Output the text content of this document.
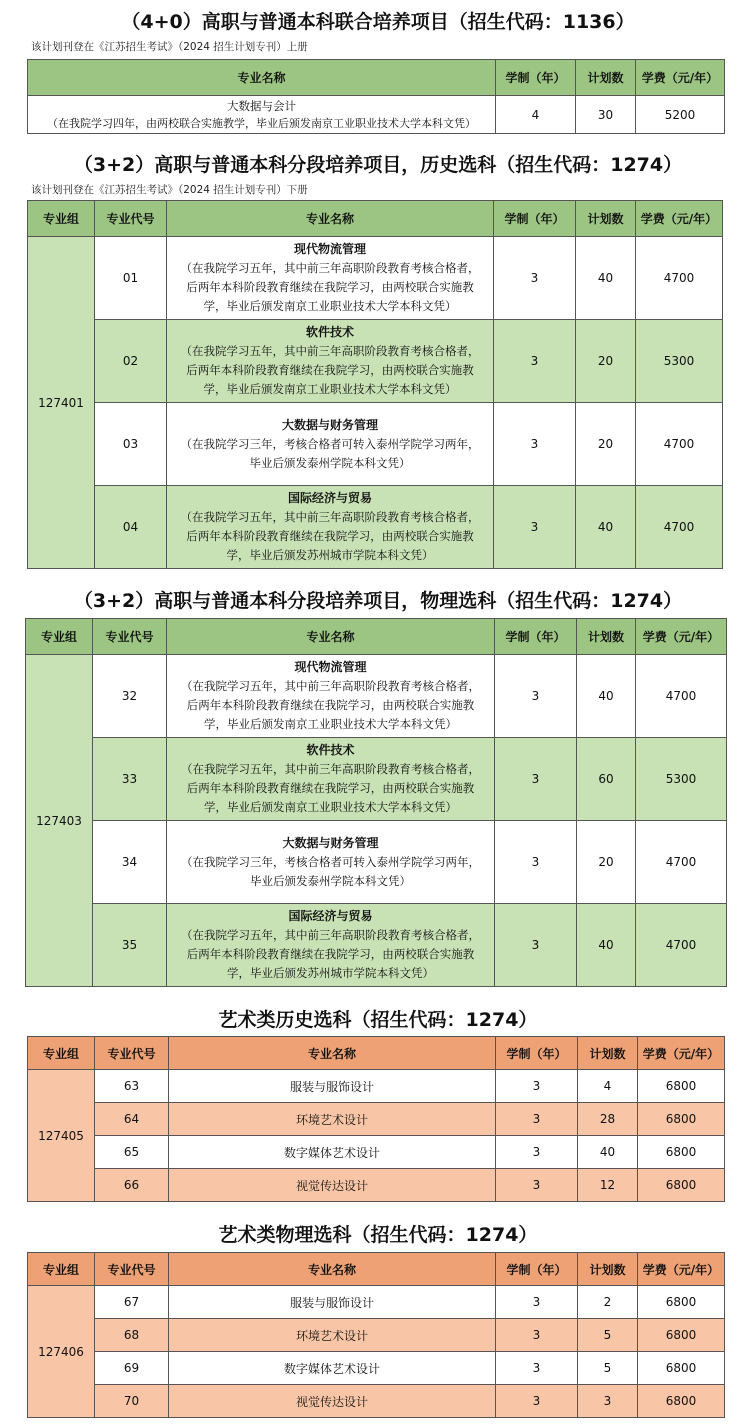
（4+0）高职与普通本科联合培养项目（招生代码：1136）
该计划刊登在《江苏招生考试》（2024 招生计划专刊）上册
专业名称	学制（年）	计划数	学费（元/年）

大数据与会计
（在我院学习四年，由两校联合实施教学，毕业后颁发南京工业职业技术大学本科文凭）	4	30	5200
（3+2）高职与普通本科分段培养项目，历史选科（招生代码：1274）
该计划刊登在《江苏招生考试》（2024 招生计划专刊）下册
专业组	专业代号	专业名称	学制（年）	计划数	学费（元/年）
127401	01	现代物流管理
（在我院学习五年，其中前三年高职阶段教育考核合格者，
后两年本科阶段教育继续在我院学习，由两校联合实施教
学，毕业后颁发南京工业职业技术大学本科文凭）	3	40	4700
	02	软件技术
（在我院学习五年，其中前三年高职阶段教育考核合格者，
后两年本科阶段教育继续在我院学习，由两校联合实施教
学，毕业后颁发南京工业职业技术大学本科文凭）	3	20	5300
	03	大数据与财务管理
（在我院学习三年，考核合格者可转入泰州学院学习两年，
毕业后颁发泰州学院本科文凭）	3	20	4700
	04	国际经济与贸易
（在我院学习五年，其中前三年高职阶段教育考核合格者，
后两年本科阶段教育继续在我院学习，由两校联合实施教
学，毕业后颁发苏州城市学院本科文凭）	3	40	4700
（3+2）高职与普通本科分段培养项目，物理选科（招生代码：1274）
专业组	专业代号	专业名称	学制（年）	计划数	学费（元/年）
127403	32	现代物流管理
（在我院学习五年，其中前三年高职阶段教育考核合格者，
后两年本科阶段教育继续在我院学习，由两校联合实施教
学，毕业后颁发南京工业职业技术大学本科文凭）	3	40	4700
	33	软件技术
（在我院学习五年，其中前三年高职阶段教育考核合格者，
后两年本科阶段教育继续在我院学习，由两校联合实施教
学，毕业后颁发南京工业职业技术大学本科文凭）	3	60	5300
	34	大数据与财务管理
（在我院学习三年，考核合格者可转入泰州学院学习两年，
毕业后颁发泰州学院本科文凭）	3	20	4700
	35	国际经济与贸易
（在我院学习五年，其中前三年高职阶段教育考核合格者，
后两年本科阶段教育继续在我院学习，由两校联合实施教
学，毕业后颁发苏州城市学院本科文凭）	3	40	4700
艺术类历史选科（招生代码：1274）
专业组	专业代号	专业名称	学制（年）	计划数	学费（元/年）
127405	63	服装与服饰设计	3	4	6800
	64	环境艺术设计	3	28	6800
	65	数字媒体艺术设计	3	40	6800
	66	视觉传达设计	3	12	6800
艺术类物理选科（招生代码：1274）
专业组	专业代号	专业名称	学制（年）	计划数	学费（元/年）
127406	67	服装与服饰设计	3	2	6800
	68	环境艺术设计	3	5	6800
	69	数字媒体艺术设计	3	5	6800
	70	视觉传达设计	3	3	6800
